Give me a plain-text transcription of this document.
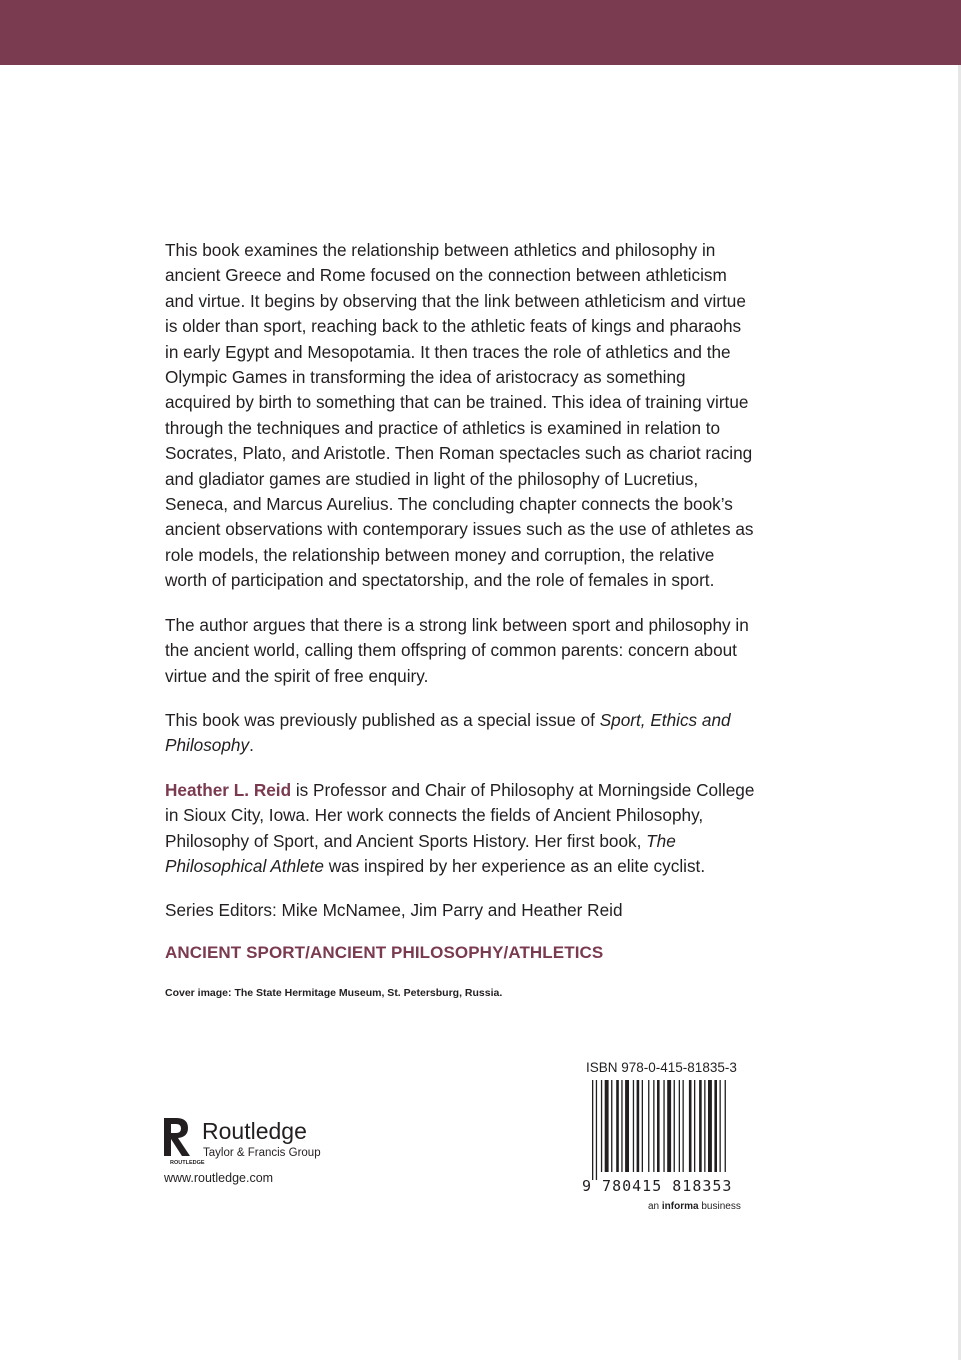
This book examines the relationship between athletics and philosophy in ancient Greece and Rome focused on the connection between athleticism and virtue. It begins by observing that the link between athleticism and virtue is older than sport, reaching back to the athletic feats of kings and pharaohs in early Egypt and Mesopotamia. It then traces the role of athletics and the Olympic Games in transforming the idea of aristocracy as something acquired by birth to something that can be trained. This idea of training virtue through the techniques and practice of athletics is examined in relation to Socrates, Plato, and Aristotle. Then Roman spectacles such as chariot racing and gladiator games are studied in light of the philosophy of Lucretius, Seneca, and Marcus Aurelius. The concluding chapter connects the book’s ancient observations with contemporary issues such as the use of athletes as role models, the relationship between money and corruption, the relative worth of participation and spectatorship, and the role of females in sport.

The author argues that there is a strong link between sport and philosophy in the ancient world, calling them offspring of common parents: concern about virtue and the spirit of free enquiry.

This book was previously published as a special issue of Sport, Ethics and Philosophy.

Heather L. Reid is Professor and Chair of Philosophy at Morningside College in Sioux City, Iowa. Her work connects the fields of Ancient Philosophy, Philosophy of Sport, and Ancient Sports History. Her first book, The Philosophical Athlete was inspired by her experience as an elite cyclist.

Series Editors: Mike McNamee, Jim Parry and Heather Reid

ANCIENT SPORT/ANCIENT PHILOSOPHY/ATHLETICS

Cover image: The State Hermitage Museum, St. Petersburg, Russia.

ROUTLEDGE
Routledge
Taylor & Francis Group
www.routledge.com
ISBN 978-0-415-81835-3
9 780415 818353
an informa business
